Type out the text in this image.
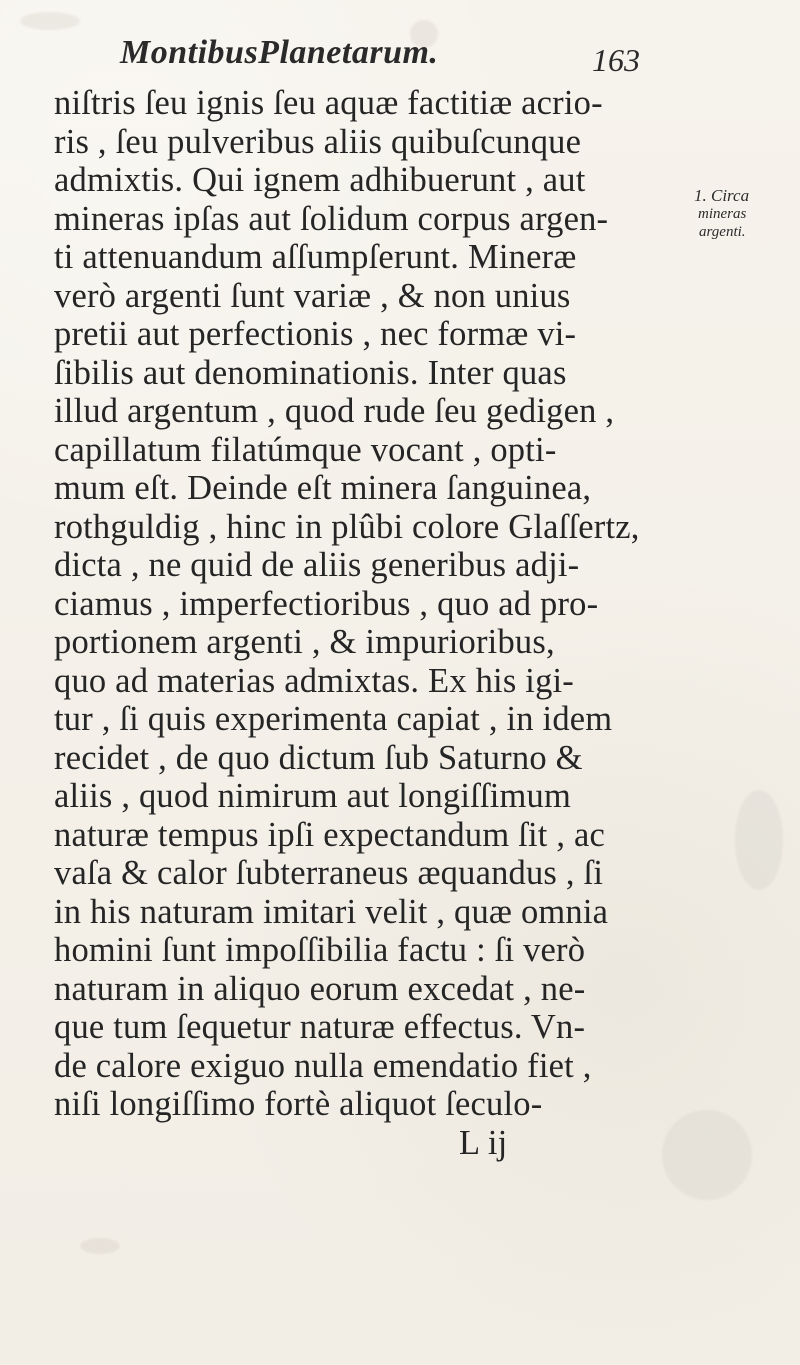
MontibusPlanetarum.	163
niſtris ſeu ignis ſeu aquæ factitiæ acrio-
ris , ſeu pulveribus aliis quibuſcunque
admixtis. Qui ignem adhibuerunt , aut
mineras ipſas aut ſolidum corpus argen-
ti attenuandum aſſumpſerunt. Mineræ
verò argenti ſunt variæ , & non unius
pretii aut perfectionis , nec formæ vi-
ſibilis aut denominationis. Inter quas
illud argentum , quod rude ſeu gedigen ,
capillatum filatúmque vocant , opti-
mum eſt. Deinde eſt minera ſanguinea,
rothguldig , hinc in plûbi colore Glaſſertz,
dicta , ne quid de aliis generibus adji-
ciamus , imperfectioribus , quo ad pro-
portionem argenti , & impurioribus,
quo ad materias admixtas. Ex his igi-
tur , ſi quis experimenta capiat , in idem
recidet , de quo dictum ſub Saturno &
aliis , quod nimirum aut longiſſimum
naturæ tempus ipſi expectandum ſit , ac
vaſa & calor ſubterraneus æquandus , ſi
in his naturam imitari velit , quæ omnia
homini ſunt impoſſibilia factu : ſi verò
naturam in aliquo eorum excedat , ne-
que tum ſequetur naturæ effectus. Vn-
de calore exiguo nulla emendatio fiet ,
niſi longiſſimo fortè aliquot ſeculo-
L ij
1. Circa
mineras
argenti.
